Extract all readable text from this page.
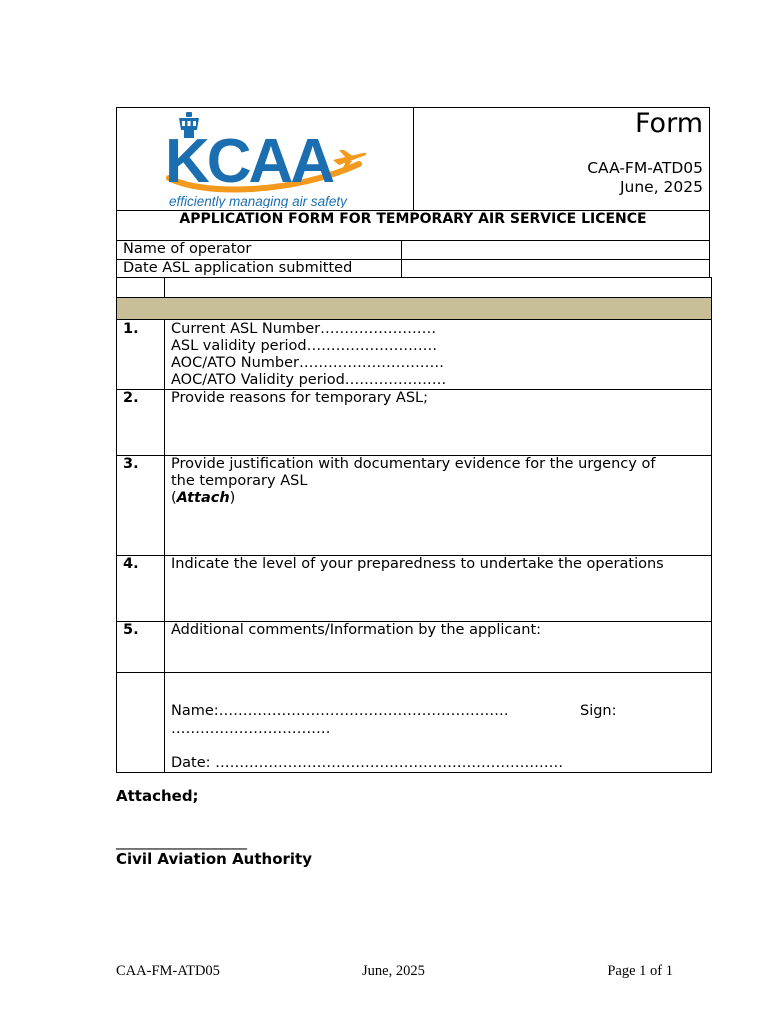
KCAA
efficiently managing air safety
Form
CAA-FM-ATD05
June, 2025
APPLICATION FORM FOR TEMPORARY AIR SERVICE LICENCE
Name of operator	
Date ASL application submitted	

1.	Current ASL Number……………………
ASL validity period………………………
AOC/ATO Number…………………………
AOC/ATO Validity period…………………

2.	Provide reasons for temporary ASL;

3.	Provide justification with documentary evidence for the urgency of
the temporary ASL
(Attach)

4.	Indicate the level of your preparedness to undertake the operations

5.	Additional comments/Information by the applicant:

	Name:…………………………………………………… Sign:
……………………………
Date: ………………………………………………………………
Attached;
____________________
Civil Aviation Authority
CAA-FM-ATD05	June, 2025	Page 1 of 1
